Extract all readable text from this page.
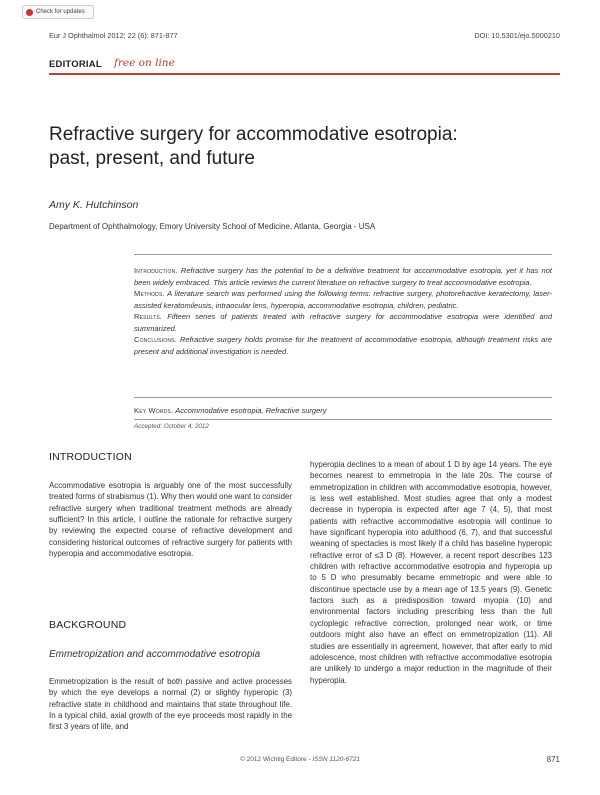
Check for updates
Eur J Ophthalmol 2012; 22 (6): 871-877	DOI: 10.5301/ejo.5000210
EDITORIAL free on line
Refractive surgery for accommodative esotropia:
past, present, and future
Amy K. Hutchinson
Department of Ophthalmology, Emory University School of Medicine, Atlanta, Georgia - USA

Introduction. Refractive surgery has the potential to be a definitive treatment for accommodative esotropia, yet it has not been widely embraced. This article reviews the current literature on refractive surgery to treat accommodative esotropia.

Methods. A literature search was performed using the following terms: refractive surgery, photorefractive keratectomy, laser-assisted keratomileusis, intraocular lens, hyperopia, accommodative esotropia, children, pediatric.

Results. Fifteen series of patients treated with refractive surgery for accommodative esotropia were identified and summarized.

Conclusions. Refractive surgery holds promise for the treatment of accommodative esotropia, although treatment risks are present and additional investigation is needed.

Key Words. Accommodative esotropia, Refractive surgery
Accepted: October 4, 2012
INTRODUCTION

Accommodative esotropia is arguably one of the most successfully treated forms of strabismus (1). Why then would one want to consider refractive surgery when traditional treatment methods are already sufficient? In this article, I outline the rationale for refractive surgery by reviewing the expected course of refractive development and considering historical outcomes of refractive surgery for patients with hyperopia and accommodative esotropia.

BACKGROUND
Emmetropization and accommodative esotropia

Emmetropization is the result of both passive and active processes by which the eye develops a normal (2) or slightly hyperopic (3) refractive state in childhood and maintains that state throughout life. In a typical child, axial growth of the eye proceeds most rapidly in the first 3 years of life, and

hyperopia declines to a mean of about 1 D by age 14 years. The eye becomes nearest to emmetropia in the late 20s. The course of emmetropization in children with accommodative esotropia, however, is less well established. Most studies agree that only a modest decrease in hyperopia is expected after age 7 (4, 5), that most patients with refractive accommodative esotropia will continue to have significant hyperopia into adulthood (6, 7), and that successful weaning of spectacles is most likely if a child has baseline hyperopic refractive error of ≤3 D (8). However, a recent report describes 123 children with refractive accommodative esotropia and hyperopia up to 5 D who presumably became emmetropic and were able to discontinue spectacle use by a mean age of 13.5 years (9). Genetic factors such as a predisposition toward myopia (10) and environmental factors including prescribing less than the full cycloplegic refractive correction, prolonged near work, or time outdoors might also have an effect on emmetropization (11). All studies are essentially in agreement, however, that after early to mid adolescence, most children with refractive accommodative esotropia are unlikely to undergo a major reduction in the magnitude of their hyperopia.

© 2012 Wichtig Editore - ISSN 1120-6721	871
